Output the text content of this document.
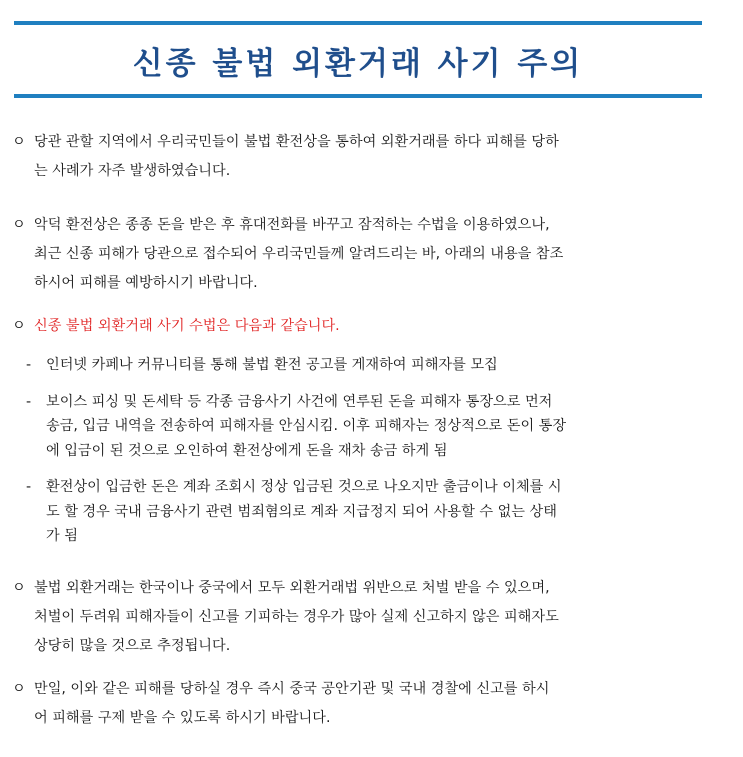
신종 불법 외환거래 사기 주의
ㅇ 당관 관할 지역에서 우리국민들이 불법 환전상을 통하여 외환거래를 하다 피해를 당하
는 사례가 자주 발생하였습니다.
ㅇ 악덕 환전상은 종종 돈을 받은 후 휴대전화를 바꾸고 잠적하는 수법을 이용하였으나,
최근 신종 피해가 당관으로 접수되어 우리국민들께 알려드리는 바, 아래의 내용을 참조
하시어 피해를 예방하시기 바랍니다.
ㅇ 신종 불법 외환거래 사기 수법은 다음과 같습니다.
- 인터넷 카페나 커뮤니티를 통해 불법 환전 공고를 게재하여 피해자를 모집
- 보이스 피싱 및 돈세탁 등 각종 금융사기 사건에 연루된 돈을 피해자 통장으로 먼저
송금, 입금 내역을 전송하여 피해자를 안심시킴. 이후 피해자는 정상적으로 돈이 통장
에 입금이 된 것으로 오인하여 환전상에게 돈을 재차 송금 하게 됨
- 환전상이 입금한 돈은 계좌 조회시 정상 입금된 것으로 나오지만 출금이나 이체를 시
도 할 경우 국내 금융사기 관련 범죄혐의로 계좌 지급정지 되어 사용할 수 없는 상태
가 됨
ㅇ 불법 외환거래는 한국이나 중국에서 모두 외환거래법 위반으로 처벌 받을 수 있으며,
처벌이 두려워 피해자들이 신고를 기피하는 경우가 많아 실제 신고하지 않은 피해자도
상당히 많을 것으로 추정됩니다.
ㅇ 만일, 이와 같은 피해를 당하실 경우 즉시 중국 공안기관 및 국내 경찰에 신고를 하시
어 피해를 구제 받을 수 있도록 하시기 바랍니다.
